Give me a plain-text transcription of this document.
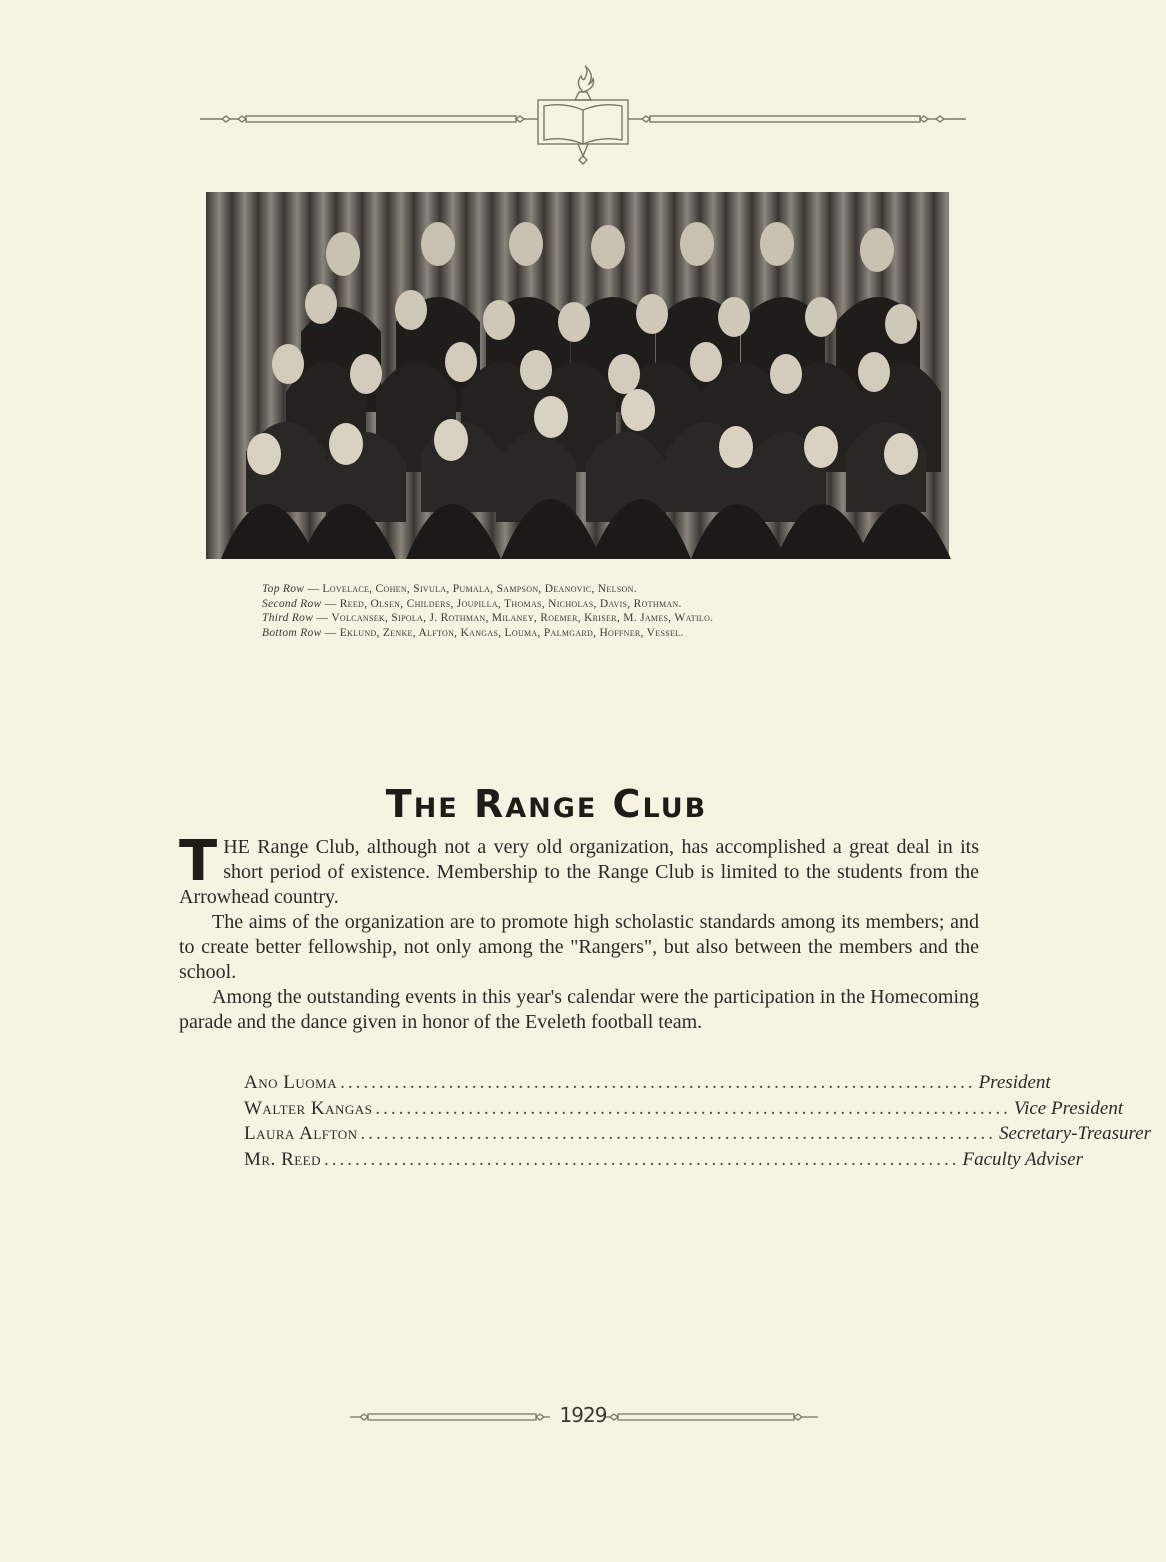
Top Row — Lovelace, Cohen, Sivula, Pumala, Sampson, Deanovic, Nelson.
Second Row — Reed, Olsen, Childers, Joupilla, Thomas, Nicholas, Davis, Rothman.
Third Row — Volcansek, Sipola, J. Rothman, Milaney, Roemer, Kriser, M. James, Watilo.
Bottom Row — Eklund, Zenke, Alfton, Kangas, Louma, Palmgard, Hoffner, Vessel.
The Range Club

THE Range Club, although not a very old organization, has accomplished a great deal in its short period of existence. Membership to the Range Club is limited to the students from the Arrowhead country.

The aims of the organization are to promote high scholastic standards among its members; and to create better fellowship, not only among the "Rangers", but also between the members and the school.

Among the outstanding events in this year's calendar were the participation in the Homecoming parade and the dance given in honor of the Eveleth football team.

Ano Luoma .................................................................................. President
Walter Kangas .................................................................................. Vice President
Laura Alfton .................................................................................. Secretary-Treasurer
Mr. Reed .................................................................................. Faculty Adviser
1929
